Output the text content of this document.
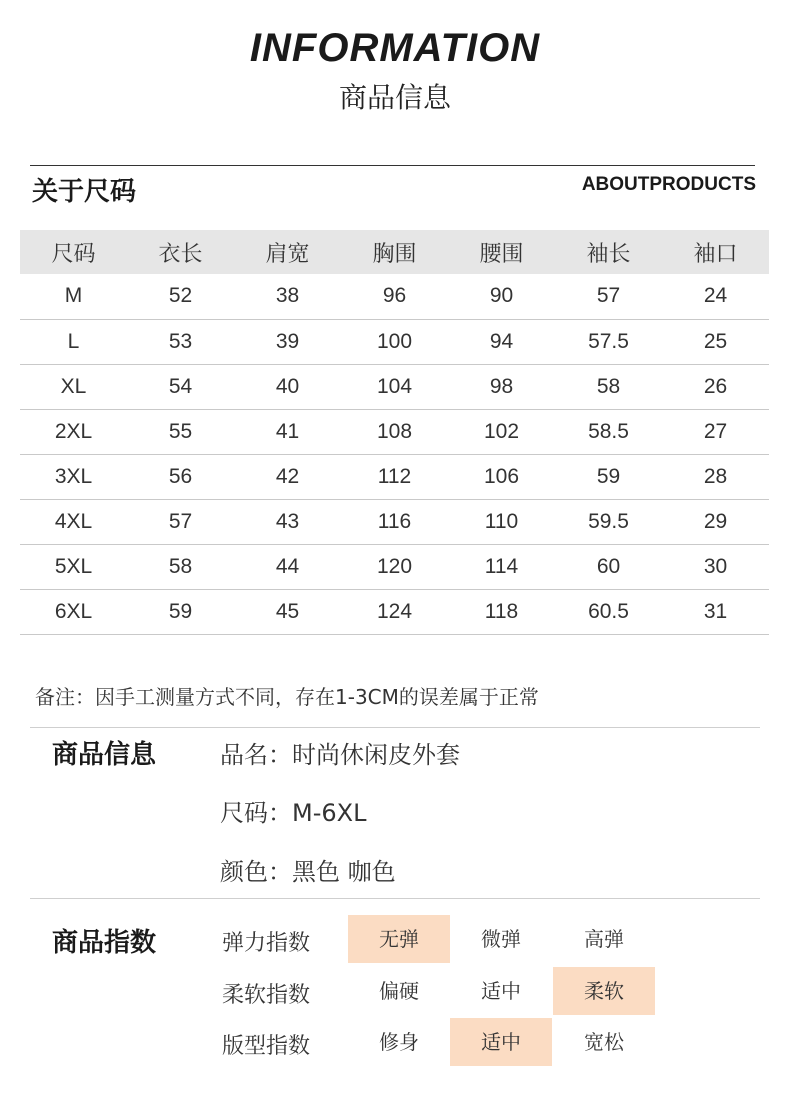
INFORMATION
商品信息
关于尺码	ABOUTPRODUCTS
尺码	衣长	肩宽	胸围	腰围	袖长	袖口
M	52	38	96	90	57	24
L	53	39	100	94	57.5	25
XL	54	40	104	98	58	26
2XL	55	41	108	102	58.5	27
3XL	56	42	112	106	59	28
4XL	57	43	116	110	59.5	29
5XL	58	44	120	114	60	30
6XL	59	45	124	118	60.5	31
备注：因手工测量方式不同，存在1-3CM的误差属于正常
商品信息	品名：时尚休闲皮外套
尺码：M-6XL
颜色：黑色 咖色
商品指数	弹力指数	无弹	微弹	高弹
柔软指数	偏硬	适中	柔软
版型指数	修身	适中	宽松
